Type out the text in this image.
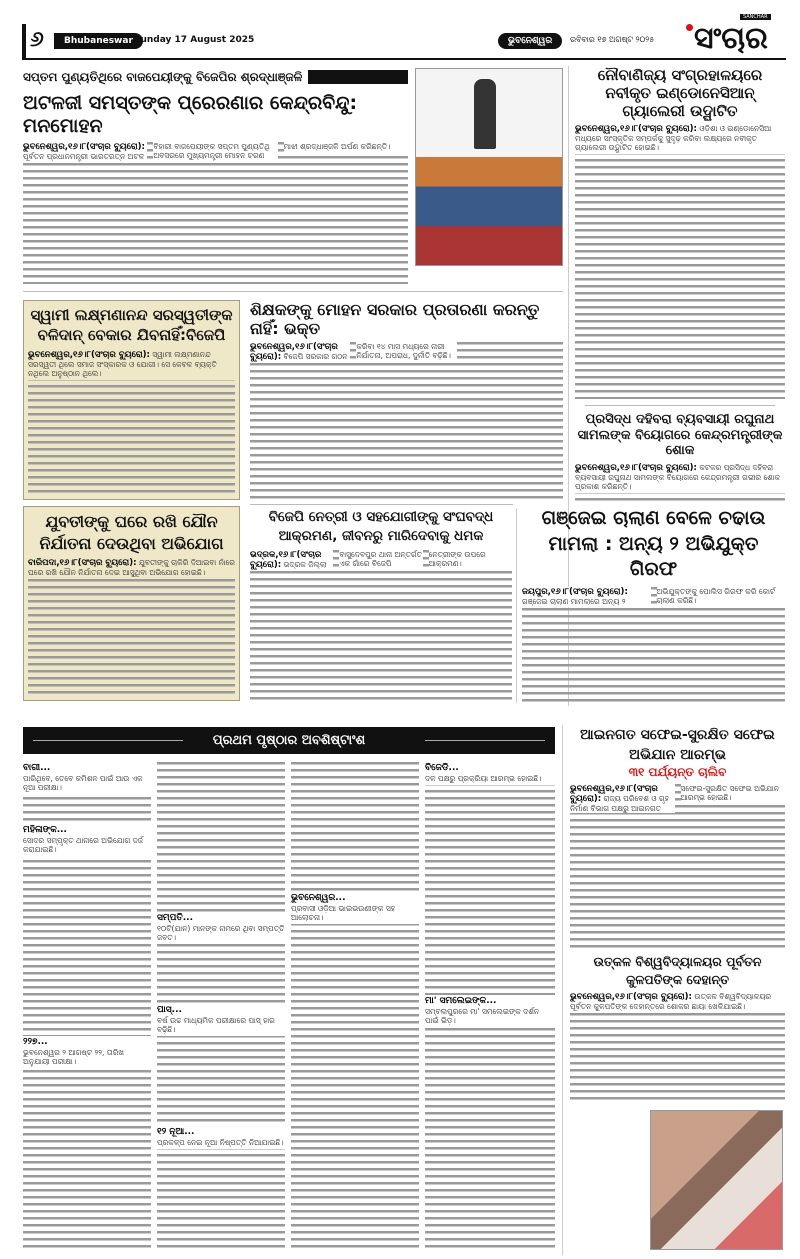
୬	Bhubaneswar Sunday 17 August 2025	ଭୁବନେଶ୍ୱର	ରବିବାର ୧୭ ଅଗଷ୍ଟ ୨୦୨୫
SANCHAR
ସଂଚାର
ସପ୍ତମ ପୁଣ୍ୟତିଥିରେ ବାଜପେୟୀଙ୍କୁ ବିଜେପିର ଶ୍ରଦ୍ଧାଞ୍ଜଳି
ଅଟଳଜୀ ସମସ୍ତଙ୍କ ପ୍ରେରଣାର କେନ୍ଦ୍ରବିନ୍ଦୁ: ମନମୋହନ

ଭୁବନେଶ୍ୱର,୧୬।୮(ସଂଚାର ବ୍ୟୁରୋ): ପୂର୍ବତନ ପ୍ରଧାନମନ୍ତ୍ରୀ ଭାରତରତ୍ନ ଅଟଳ ବିହାରୀ ବାଜପେୟୀଙ୍କ ସପ୍ତମ ପୁଣ୍ୟତିଥି ଅବସରରେ ମୁଖ୍ୟମନ୍ତ୍ରୀ ମୋହନ ଚରଣ ମାଝୀ ଶ୍ରଦ୍ଧାଞ୍ଜଳି ଅର୍ପଣ କରିଛନ୍ତି।

ନୌବାଣିଜ୍ୟ ସଂଗ୍ରହାଳୟରେ ନବୀକୃତ ଇଣ୍ଡୋନେସିଆନ୍ ଗ୍ୟାଲେରୀ ଉଦ୍ଘାଟିତ

ଭୁବନେଶ୍ୱର,୧୬।୮(ସଂଚାର ବ୍ୟୁରୋ): ଓଡ଼ିଶା ଓ ଇଣ୍ଡୋନେସିଆ ମଧ୍ୟରେ ସାଂସ୍କୃତିକ ସମ୍ପର୍କକୁ ସୁଦୃଢ଼ କରିବା ଲକ୍ଷ୍ୟରେ ନବୀକୃତ ଗ୍ୟାଲେରୀ ଉଦ୍ଘାଟିତ ହୋଇଛି।

ପ୍ରସିଦ୍ଧ ଦହିବରା ବ୍ୟବସାୟୀ ରଘୁନାଥ ସାମଲଙ୍କ ବିୟୋଗରେ କେନ୍ଦ୍ରମନ୍ତ୍ରୀଙ୍କ ଶୋକ

ଭୁବନେଶ୍ୱର,୧୬।୮(ସଂଚାର ବ୍ୟୁରୋ): କଟକର ପ୍ରସିଦ୍ଧ ଦହିବରା ବ୍ୟବସାୟୀ ରଘୁନାଥ ସାମଲଙ୍କ ବିୟୋଗରେ କେନ୍ଦ୍ରମନ୍ତ୍ରୀ ଗଭୀର ଶୋକ ପ୍ରକାଶ କରିଛନ୍ତି।

ସ୍ୱାମୀ ଲକ୍ଷ୍ମଣାନନ୍ଦ ସରସ୍ୱତୀଙ୍କ ବଳିଦାନ୍ ବେକାର ଯିବନାହିଁ:ବିଜେପି

ଭୁବନେଶ୍ୱର,୧୬।୮(ସଂଚାର ବ୍ୟୁରୋ): ସ୍ୱାମୀ ଲକ୍ଷ୍ମଣାନନ୍ଦ ସରସ୍ୱତୀ ଥିଲେ ସମାଜ ସଂସ୍କାରକ ଓ ଯୋଗୀ। ସେ କେବଳ ବ୍ୟକ୍ତି ନଥିଲେ ଅନୁଷ୍ଠାନ ଥିଲେ।

ଶିକ୍ଷକଙ୍କୁ ମୋହନ ସରକାର ପ୍ରତାରଣା କରନ୍ତୁ ନାହିଁ: ଭକ୍ତ

ଭୁବନେଶ୍ୱର,୧୬।୮(ସଂଚାର ବ୍ୟୁରୋ): ବିଜେପି ସରକାର ଗଠନ କରିବା ୧୪ ମାସ ମଧ୍ୟରେ ନାରୀ ନିର୍ଯାତନା, ଅପରାଧ, ଦୁର୍ନୀତି ବଢ଼ିଛି।

ଯୁବତୀଙ୍କୁ ଘରେ ରଖି ଯୌନ ନିର୍ଯାତନା ଦେଉଥିବା ଅଭିଯୋଗ

ବାରିପଦା,୧୬।୮(ସଂଚାର ବ୍ୟୁରୋ): ଯୁବତୀଙ୍କୁ ଚାକିରି ଦିଆଇବା ନାଁରେ ଘରେ ରଖି ଯୌନ ନିର୍ଯାତନା ଦେଇ ଆସୁଥିବା ଅଭିଯୋଗ ହୋଇଛି।

ବିଜେପି ନେତ୍ରୀ ଓ ସହଯୋଗୀଙ୍କୁ ସଂଘବଦ୍ଧ ଆକ୍ରମଣ, ଜୀବନରୁ ମାରିଦେବାକୁ ଧମକ

ଭଦ୍ରକ,୧୬।୮(ସଂଚାର ବ୍ୟୁରୋ): ଭଦ୍ରକ ଜିଲ୍ଲା ବାସୁଦେବପୁର ଥାନା ଅନ୍ତର୍ଗତ ଏକ ଗାଁରେ ବିଜେପି ନେତ୍ରୀଙ୍କ ଉପରେ ଆକ୍ରମଣ।

ଗଞ୍ଜେଇ ଚାଲାଣ ବେଳେ ଚଢାଉ ମାମଲା : ଅନ୍ୟ ୨ ଅଭିଯୁକ୍ତ ଗିରଫ

ଜୟପୁର,୧୬।୮(ସଂଚାର ବ୍ୟୁରୋ): ଗଞ୍ଜେଇ ଚାଲାଣ ମାମଲାରେ ଅନ୍ୟ ୨ ଅଭିଯୁକ୍ତଙ୍କୁ ପୋଲିସ ଗିରଫ କରି କୋର୍ଟ ଚାଲାଣ କରିଛି।

ପ୍ରଥମ ପୃଷ୍ଠାର ଅବଶିଷ୍ଟାଂଶ
ବାଗୀ...

ପାରିଥିବେ, ତେବେ କମିଶନ ପାଇଁ ଆଉ ଏକ ନୂଆ ପରୀକ୍ଷା।

ମହିଳାଙ୍କ...

ସୋଦର ସମ୍ପୃକ୍ତ ଥାନାରେ ଅଭିଯୋଗ ଦର୍ଜ କରାଯାଇଛି।

୨୨୭...

ଭୁବନେଶ୍ୱର ୨ ଆଗଷ୍ଟ ୨୨, ତାରିଖ ଅନୁଯାୟୀ ପରୀକ୍ଷା।

ସମ୍ପତି...

୧୦ଟି(ଯାନ) ମାନଙ୍କ ନାମରେ ଥିବା ସମ୍ପତ୍ତି ଜବତ।

ପାସ୍...

ବର୍ଷ ଉଚ୍ଚ ମାଧ୍ୟମିକ ପରୀକ୍ଷାରେ ପାସ୍ ହାର ବଢ଼ିଛି।

୧୨ ନୂଆ...

ପ୍ରକଳ୍ପ ନେଇ ନୂଆ ନିଷ୍ପତ୍ତି ନିଆଯାଇଛି।

ଭୁବନେଶ୍ୱର...

ପ୍ରବାସୀ ଓଡ଼ିଆ ଭାଇଭଉଣୀଙ୍କ ସହ ଆଲୋଚନା।

ବିଜେଡି...

ଦଳ ପକ୍ଷରୁ ପ୍ରକ୍ରିୟା ଆରମ୍ଭ ହୋଇଛି।

ମା' ସମଲେଇଙ୍କ...

ସମ୍ବଲପୁରରେ ମା' ସମଲେଇଙ୍କ ଦର୍ଶନ ପାଇଁ ଭିଡ଼।

ଆଇନଗତ ସଫେଇ-ସୁରକ୍ଷିତ ସଫେଇ ଅଭିଯାନ ଆରମ୍ଭ
୩୧ ପର୍ଯ୍ୟନ୍ତ ଚାଲିବ

ଭୁବନେଶ୍ୱର,୧୬।୮(ସଂଚାର ବ୍ୟୁରୋ): ରାଜ୍ୟ ପରିବେଶ ଓ ଗୃହ ନିର୍ମାଣ ବିଭାଗ ପକ୍ଷରୁ ଆଇନଗତ ସଫେଇ-ସୁରକ୍ଷିତ ସଫେଇ ଅଭିଯାନ ଆରମ୍ଭ ହୋଇଛି।

ଉତ୍କଳ ବିଶ୍ୱବିଦ୍ୟାଳୟର ପୂର୍ବତନ କୁଳପତିଙ୍କ ଦେହାନ୍ତ

ଭୁବନେଶ୍ୱର,୧୬।୮(ସଂଚାର ବ୍ୟୁରୋ): ଉତ୍କଳ ବିଶ୍ୱବିଦ୍ୟାଳୟର ପୂର୍ବତନ କୁଳପତିଙ୍କ ଦେହାନ୍ତରେ ଶୋକର ଛାୟା ଖେଳିଯାଇଛି।
